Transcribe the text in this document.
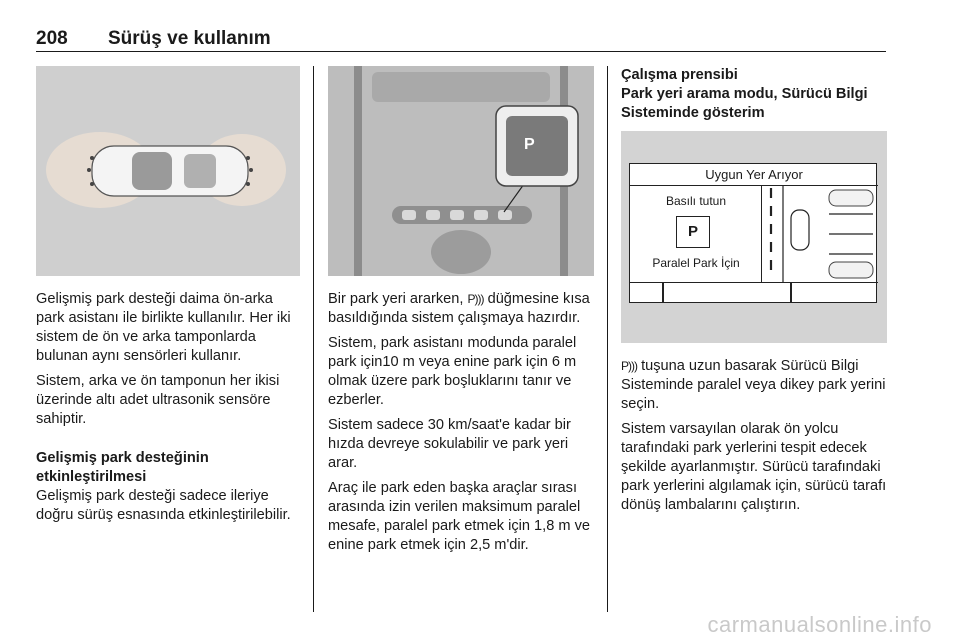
208 Sürüş ve kullanım

Gelişmiş park desteği daima ön-arka park asistanı ile birlikte kullanılır. Her iki sistem de ön ve arka tamponlarda bulunan aynı sensörleri kullanır.

Sistem, arka ve ön tamponun her ikisi üzerinde altı adet ultrasonik sensöre sahiptir.

Gelişmiş park desteğinin etkinleştirilmesi

Gelişmiş park desteği sadece ileriye doğru sürüş esnasında etkinleştirilebilir.

P

Bir park yeri ararken, P))) düğmesine kısa basıldığında sistem çalışmaya hazırdır.

Sistem, park asistanı modunda paralel park için10 m veya enine park için 6 m olmak üzere park boşluklarını tanır ve ezberler.

Sistem sadece 30 km/saat'e kadar bir hızda devreye sokulabilir ve park yeri arar.

Araç ile park eden başka araçlar sırası arasında izin verilen maksimum paralel mesafe, paralel park etmek için 1,8 m ve enine park etmek için 2,5 m'dir.

Çalışma prensibi
Park yeri arama modu, Sürücü Bilgi Sisteminde gösterim
Uygun Yer Arıyor
Basılı tutun
P
Paralel Park İçin

P))) tuşuna uzun basarak Sürücü Bilgi Sisteminde paralel veya dikey park yerini seçin.

Sistem varsayılan olarak ön yolcu tarafındaki park yerlerini tespit edecek şekilde ayarlanmıştır. Sürücü tarafındaki park yerlerini algılamak için, sürücü tarafı dönüş lambalarını çalıştırın.

carmanualsonline.info
